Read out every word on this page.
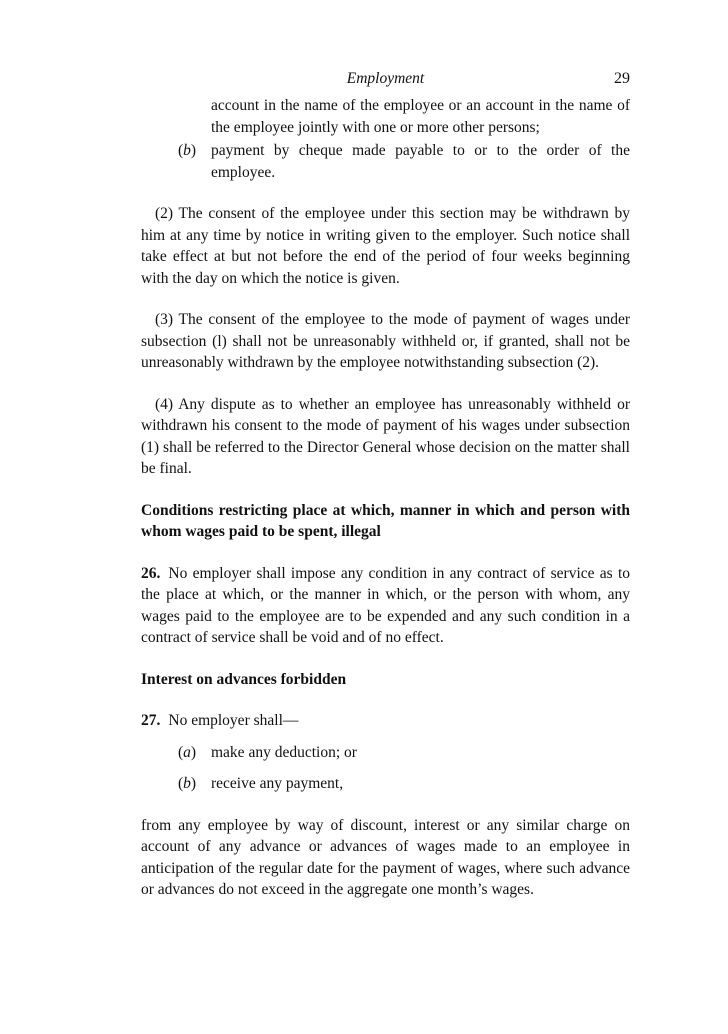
Employment	29

account in the name of the employee or an account in the name of the employee jointly with one or more other persons;

(b) payment by cheque made payable to or to the order of the employee.

(2) The consent of the employee under this section may be withdrawn by him at any time by notice in writing given to the employer. Such notice shall take effect at but not before the end of the period of four weeks beginning with the day on which the notice is given.

(3) The consent of the employee to the mode of payment of wages under subsection (l) shall not be unreasonably withheld or, if granted, shall not be unreasonably withdrawn by the employee notwithstanding subsection (2).

(4) Any dispute as to whether an employee has unreasonably withheld or withdrawn his consent to the mode of payment of his wages under subsection (1) shall be referred to the Director General whose decision on the matter shall be final.

Conditions restricting place at which, manner in which and person with whom wages paid to be spent, illegal

26. No employer shall impose any condition in any contract of service as to the place at which, or the manner in which, or the person with whom, any wages paid to the employee are to be expended and any such condition in a contract of service shall be void and of no effect.

Interest on advances forbidden

27. No employer shall—

(a) make any deduction; or

(b) receive any payment,

from any employee by way of discount, interest or any similar charge on account of any advance or advances of wages made to an employee in anticipation of the regular date for the payment of wages, where such advance or advances do not exceed in the aggregate one month’s wages.
